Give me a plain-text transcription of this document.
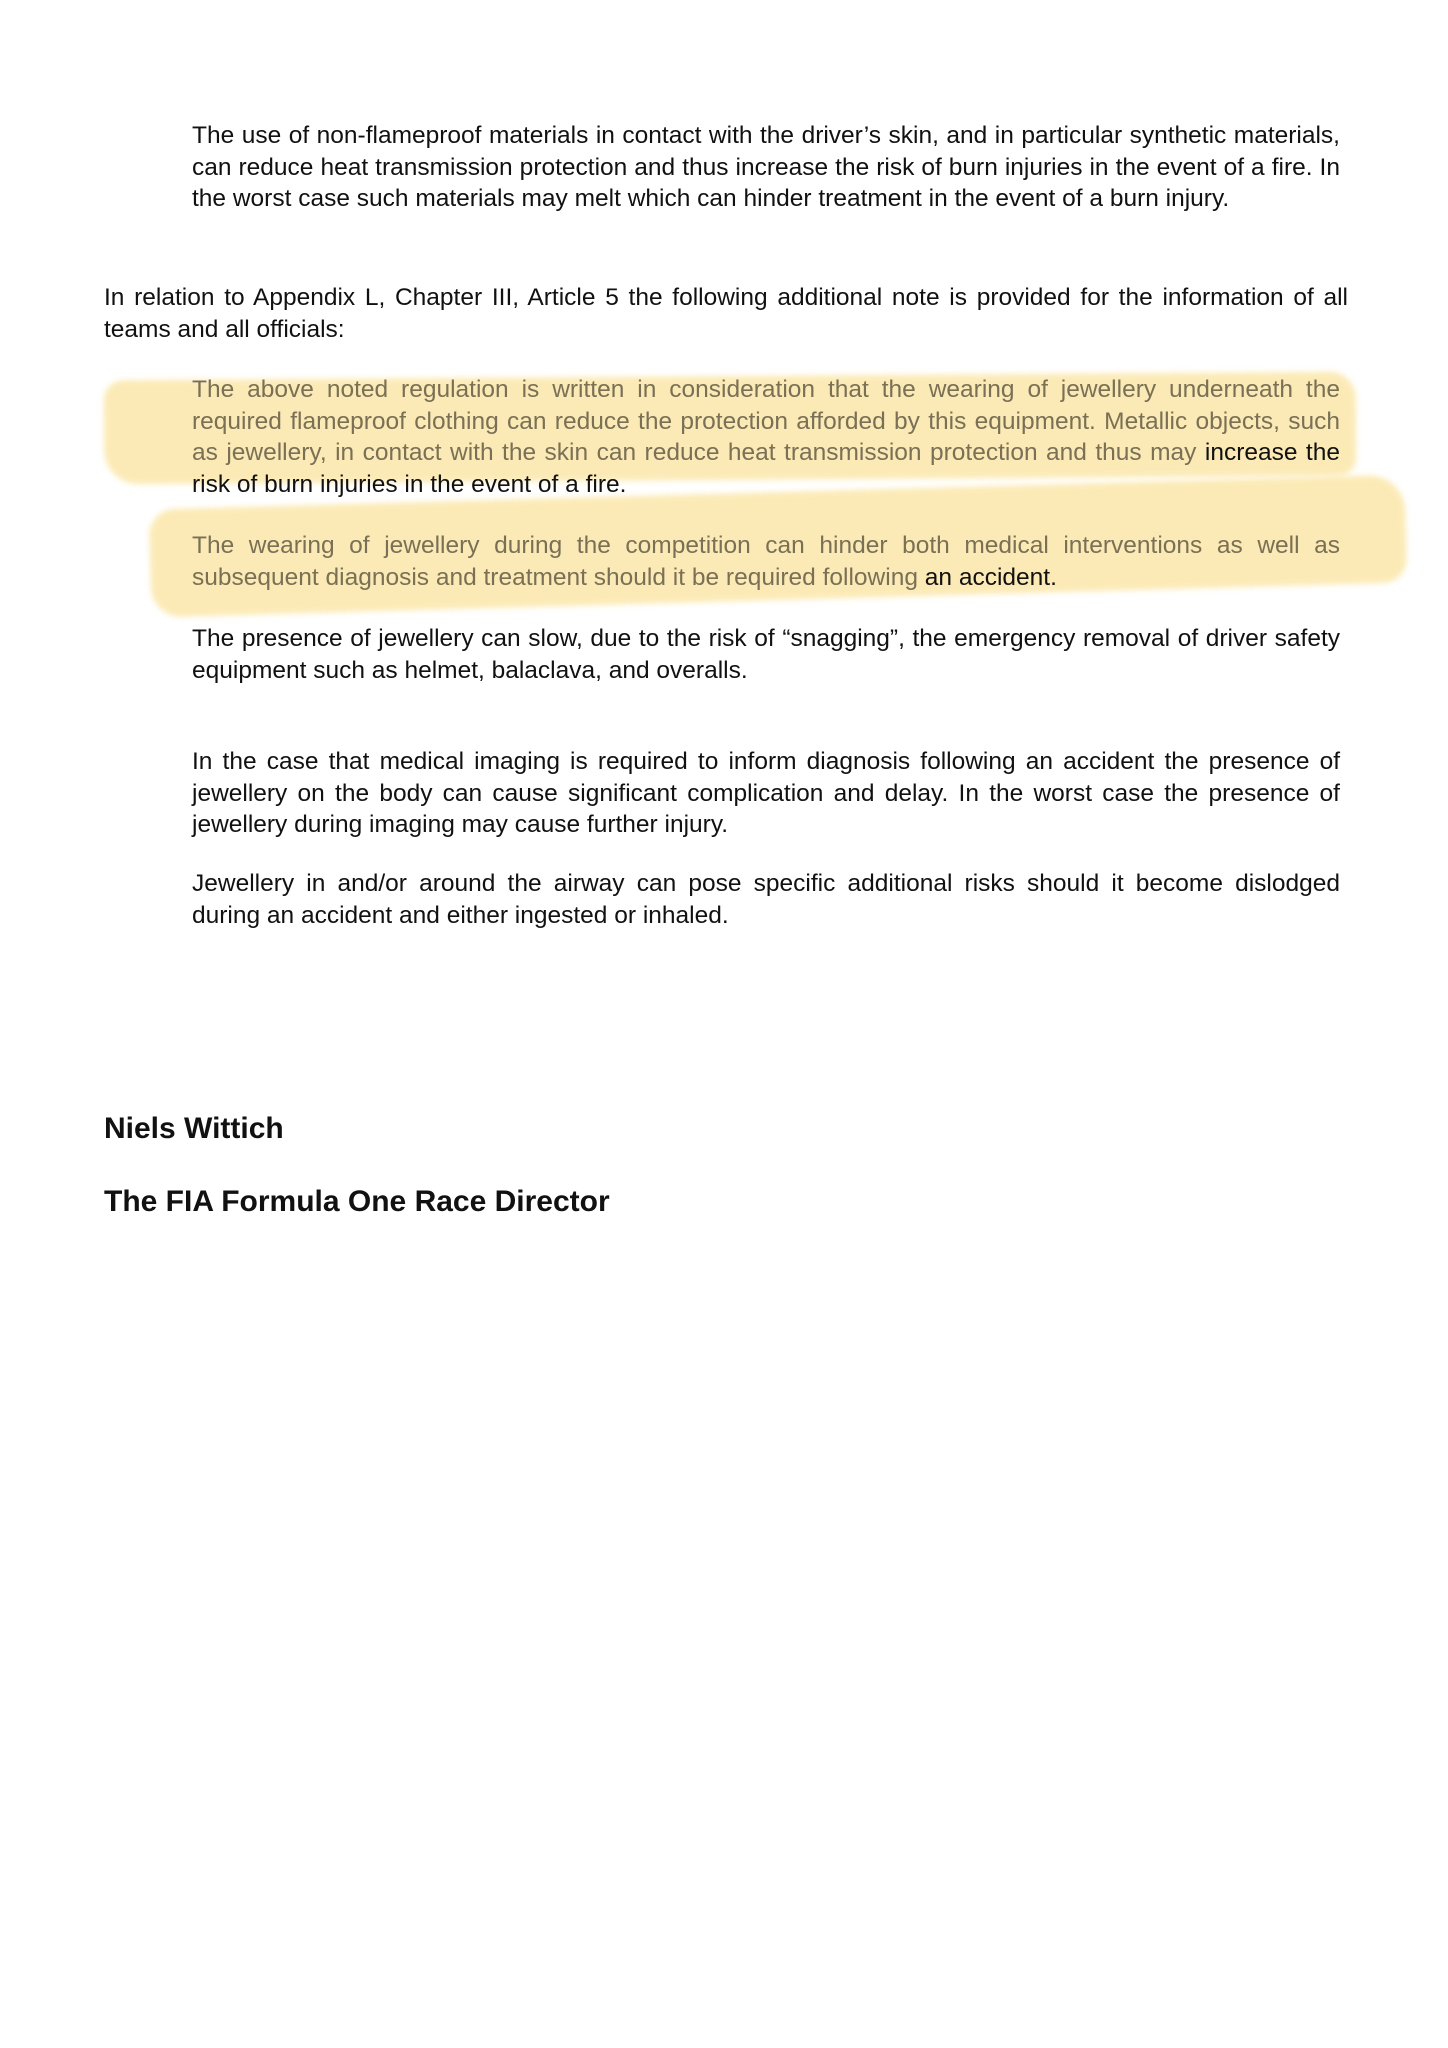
The use of non-flameproof materials in contact with the driver’s skin, and in particular synthetic materials, can reduce heat transmission protection and thus increase the risk of burn injuries in the event of a fire. In the worst case such materials may melt which can hinder treatment in the event of a burn injury.

In relation to Appendix L, Chapter III, Article 5 the following additional note is provided for the information of all teams and all officials:

The above noted regulation is written in consideration that the wearing of jewellery underneath the required flameproof clothing can reduce the protection afforded by this equipment. Metallic objects, such as jewellery, in contact with the skin can reduce heat transmission protection and thus may increase the risk of burn injuries in the event of a fire.

The wearing of jewellery during the competition can hinder both medical interventions as well as subsequent diagnosis and treatment should it be required following an accident.

The presence of jewellery can slow, due to the risk of “snagging”, the emergency removal of driver safety equipment such as helmet, balaclava, and overalls.

In the case that medical imaging is required to inform diagnosis following an accident the presence of jewellery on the body can cause significant complication and delay. In the worst case the presence of jewellery during imaging may cause further injury.

Jewellery in and/or around the airway can pose specific additional risks should it become dislodged during an accident and either ingested or inhaled.

Niels Wittich

The FIA Formula One Race Director
